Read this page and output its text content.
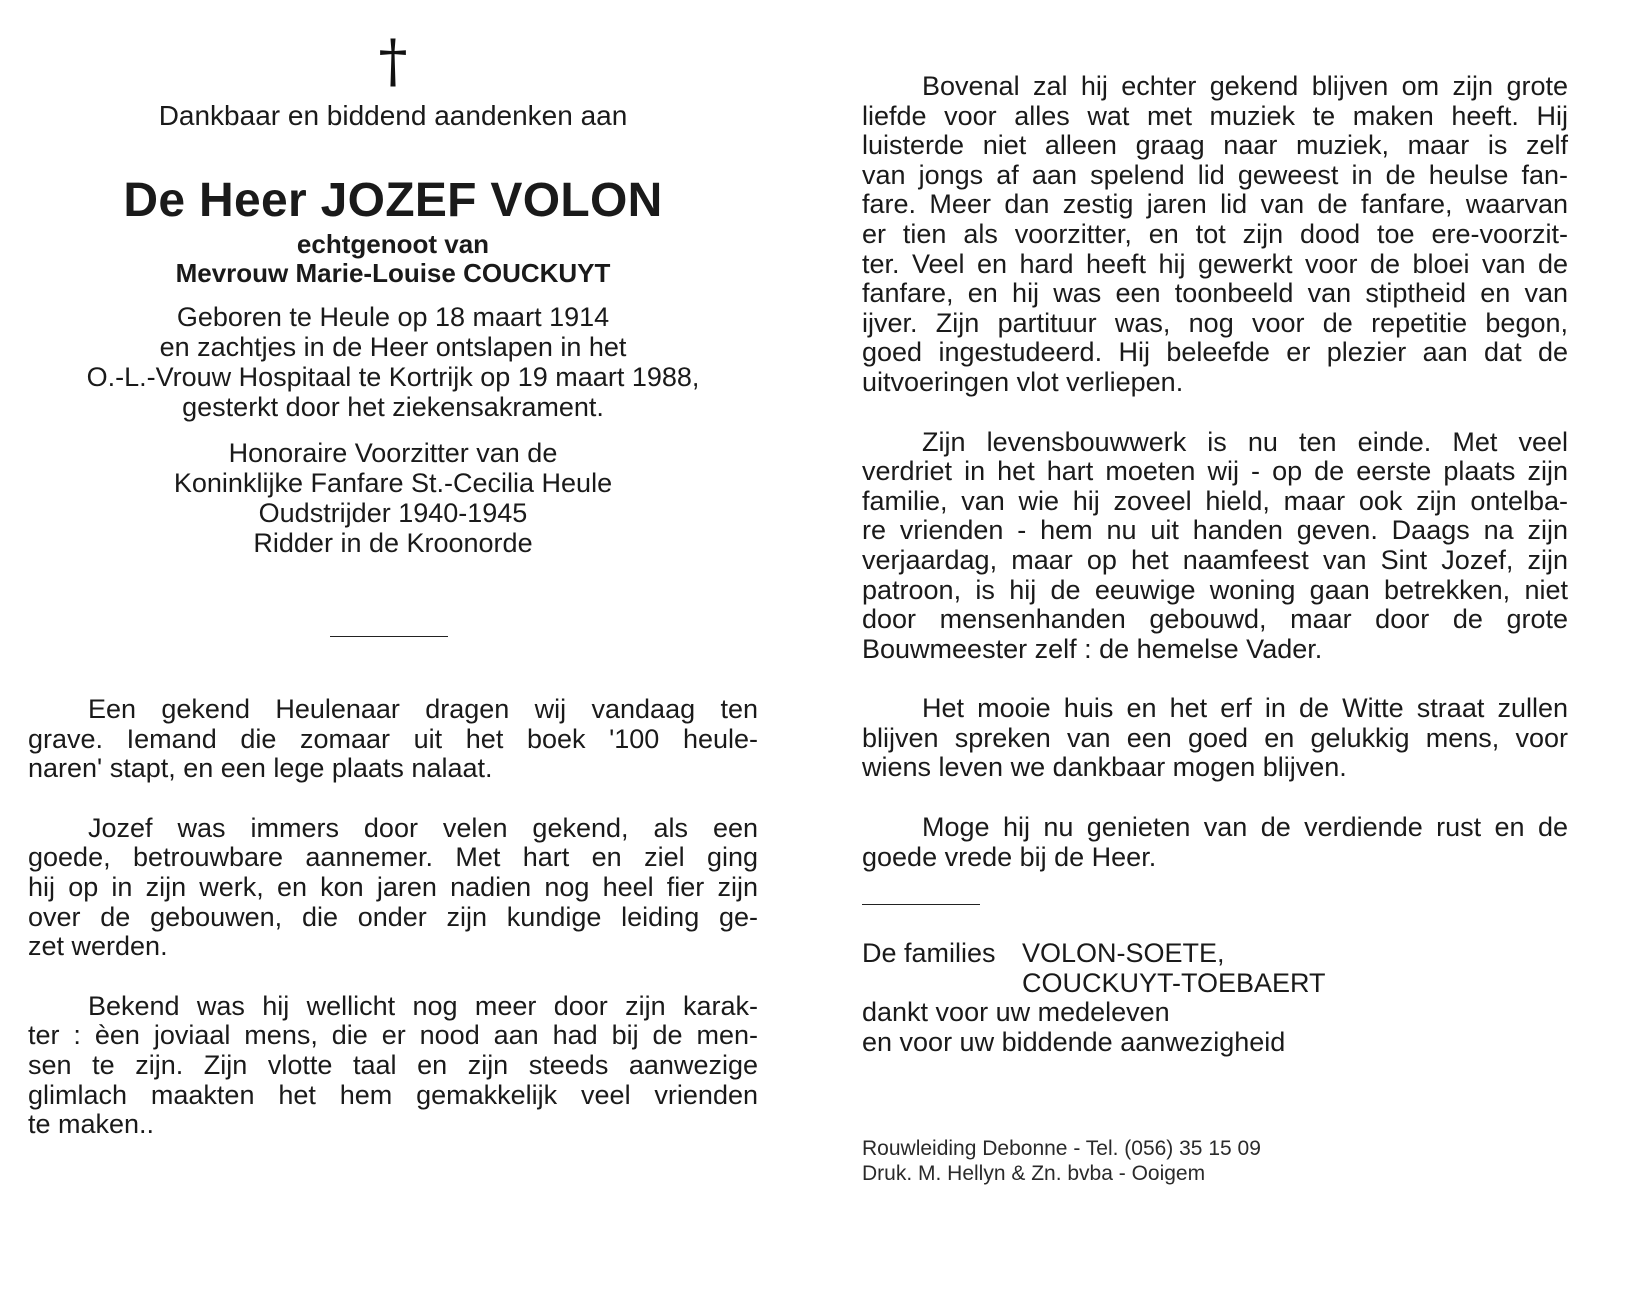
†
Dankbaar en biddend aandenken aan
De Heer JOZEF VOLON
echtgenoot van
Mevrouw Marie-Louise COUCKUYT
Geboren te Heule op 18 maart 1914
en zachtjes in de Heer ontslapen in het
O.-L.-Vrouw Hospitaal te Kortrijk op 19 maart 1988,
gesterkt door het ziekensakrament.
Honoraire Voorzitter van de
Koninklijke Fanfare St.-Cecilia Heule
Oudstrijder 1940-1945
Ridder in de Kroonorde
Een gekend Heulenaar dragen wij vandaag ten
grave. Iemand die zomaar uit het boek '100 heule-
naren' stapt, en een lege plaats nalaat.
Jozef was immers door velen gekend, als een
goede, betrouwbare aannemer. Met hart en ziel ging
hij op in zijn werk, en kon jaren nadien nog heel fier zijn
over de gebouwen, die onder zijn kundige leiding ge-
zet werden.
Bekend was hij wellicht nog meer door zijn karak-
ter : èen joviaal mens, die er nood aan had bij de men-
sen te zijn. Zijn vlotte taal en zijn steeds aanwezige
glimlach maakten het hem gemakkelijk veel vrienden
te maken..
Bovenal zal hij echter gekend blijven om zijn grote
liefde voor alles wat met muziek te maken heeft. Hij
luisterde niet alleen graag naar muziek, maar is zelf
van jongs af aan spelend lid geweest in de heulse fan-
fare. Meer dan zestig jaren lid van de fanfare, waarvan
er tien als voorzitter, en tot zijn dood toe ere-voorzit-
ter. Veel en hard heeft hij gewerkt voor de bloei van de
fanfare, en hij was een toonbeeld van stiptheid en van
ijver. Zijn partituur was, nog voor de repetitie begon,
goed ingestudeerd. Hij beleefde er plezier aan dat de
uitvoeringen vlot verliepen.
Zijn levensbouwwerk is nu ten einde. Met veel
verdriet in het hart moeten wij - op de eerste plaats zijn
familie, van wie hij zoveel hield, maar ook zijn ontelba-
re vrienden - hem nu uit handen geven. Daags na zijn
verjaardag, maar op het naamfeest van Sint Jozef, zijn
patroon, is hij de eeuwige woning gaan betrekken, niet
door mensenhanden gebouwd, maar door de grote
Bouwmeester zelf : de hemelse Vader.
Het mooie huis en het erf in de Witte straat zullen
blijven spreken van een goed en gelukkig mens, voor
wiens leven we dankbaar mogen blijven.
Moge hij nu genieten van de verdiende rust en de
goede vrede bij de Heer.
De families VOLON-SOETE,
COUCKUYT-TOEBAERT
dankt voor uw medeleven
en voor uw biddende aanwezigheid
Rouwleiding Debonne - Tel. (056) 35 15 09
Druk. M. Hellyn & Zn. bvba - Ooigem
